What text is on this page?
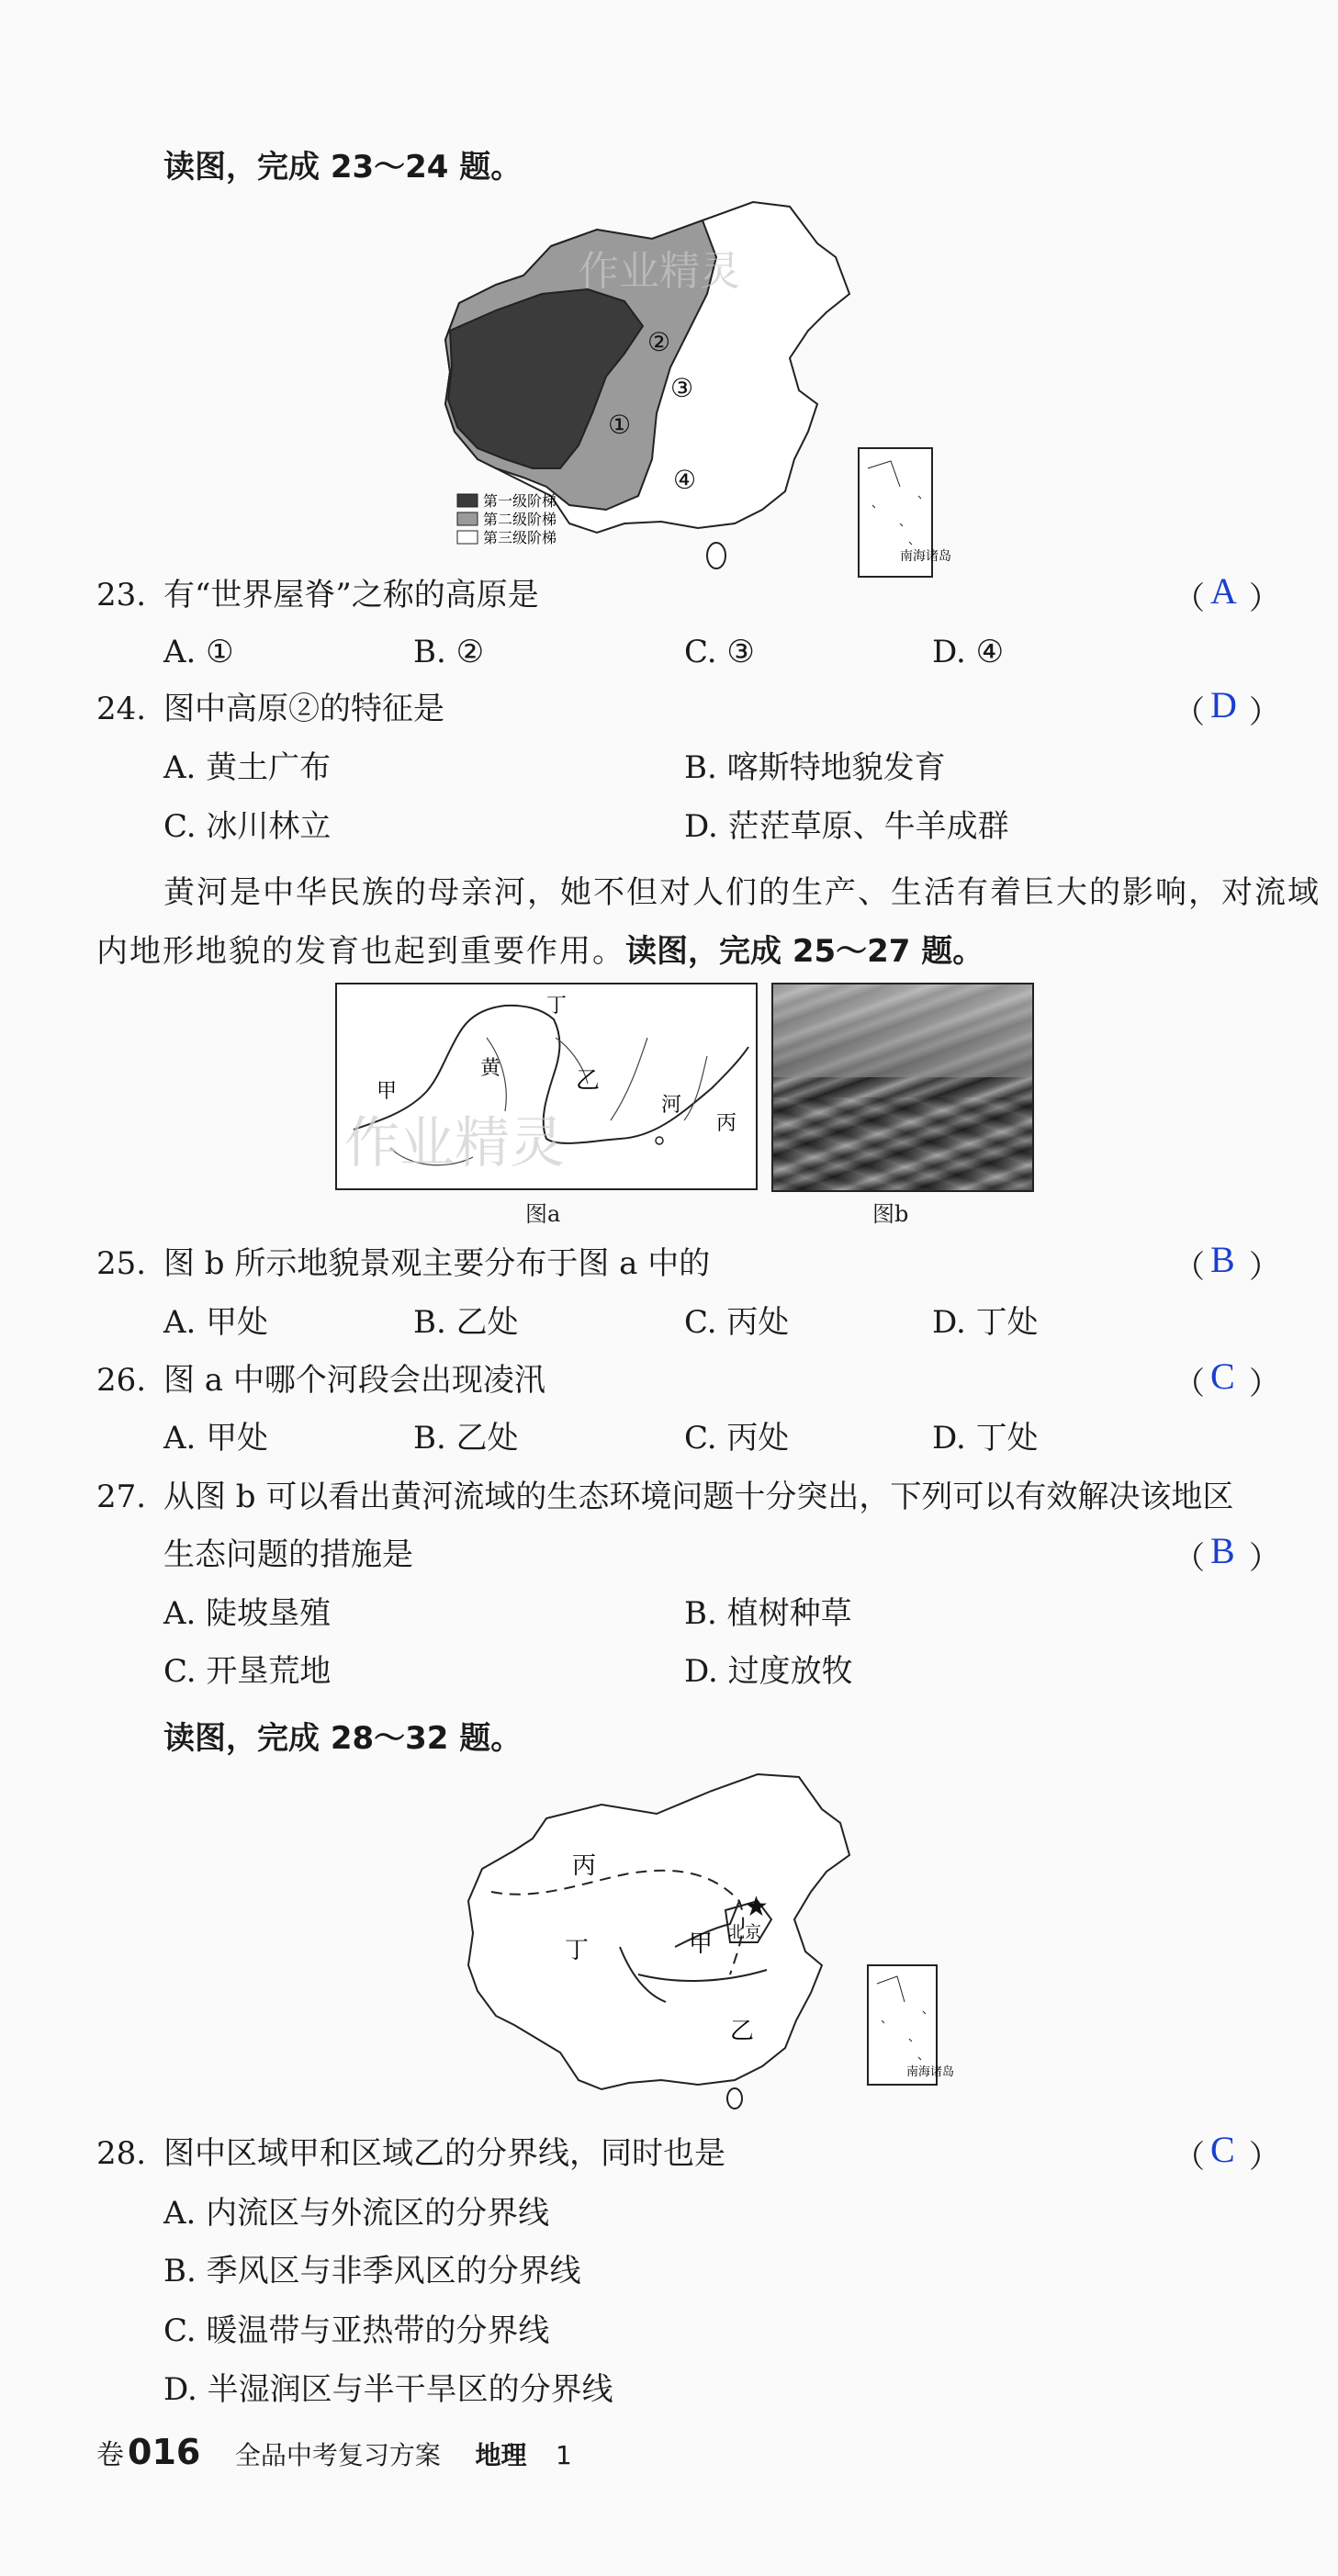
读图，完成 23～24 题。
作业精灵
①
②
③
④
第一级阶梯
第二级阶梯
第三级阶梯
南海诸岛
23. 有“世界屋脊”之称的高原是	（ A ）
A. ①	B. ②	C. ③	D. ④
24. 图中高原②的特征是	（ D ）
A. 黄土广布	B. 喀斯特地貌发育
C. 冰川林立	D. 茫茫草原、牛羊成群
黄河是中华民族的母亲河，她不但对人们的生产、生活有着巨大的影响，对流域
内地形地貌的发育也起到重要作用。读图，完成 25～27 题。
作业精灵
丁
黄	乙
甲
河
丙
图a	图b
25. 图 b 所示地貌景观主要分布于图 a 中的	（ B ）
A. 甲处	B. 乙处	C. 丙处	D. 丁处
26. 图 a 中哪个河段会出现凌汛	（ C ）
A. 甲处	B. 乙处	C. 丙处	D. 丁处
27. 从图 b 可以看出黄河流域的生态环境问题十分突出，下列可以有效解决该地区
生态问题的措施是	（ B ）
A. 陡坡垦殖	B. 植树种草
C. 开垦荒地	D. 过度放牧
读图，完成 28～32 题。
丙
丁	甲
乙
★
北京
南海诸岛
28. 图中区域甲和区域乙的分界线，同时也是	（ C ）
A. 内流区与外流区的分界线
B. 季风区与非季风区的分界线
C. 暖温带与亚热带的分界线
D. 半湿润区与半干旱区的分界线
卷 016 全品中考复习方案 地理 1
